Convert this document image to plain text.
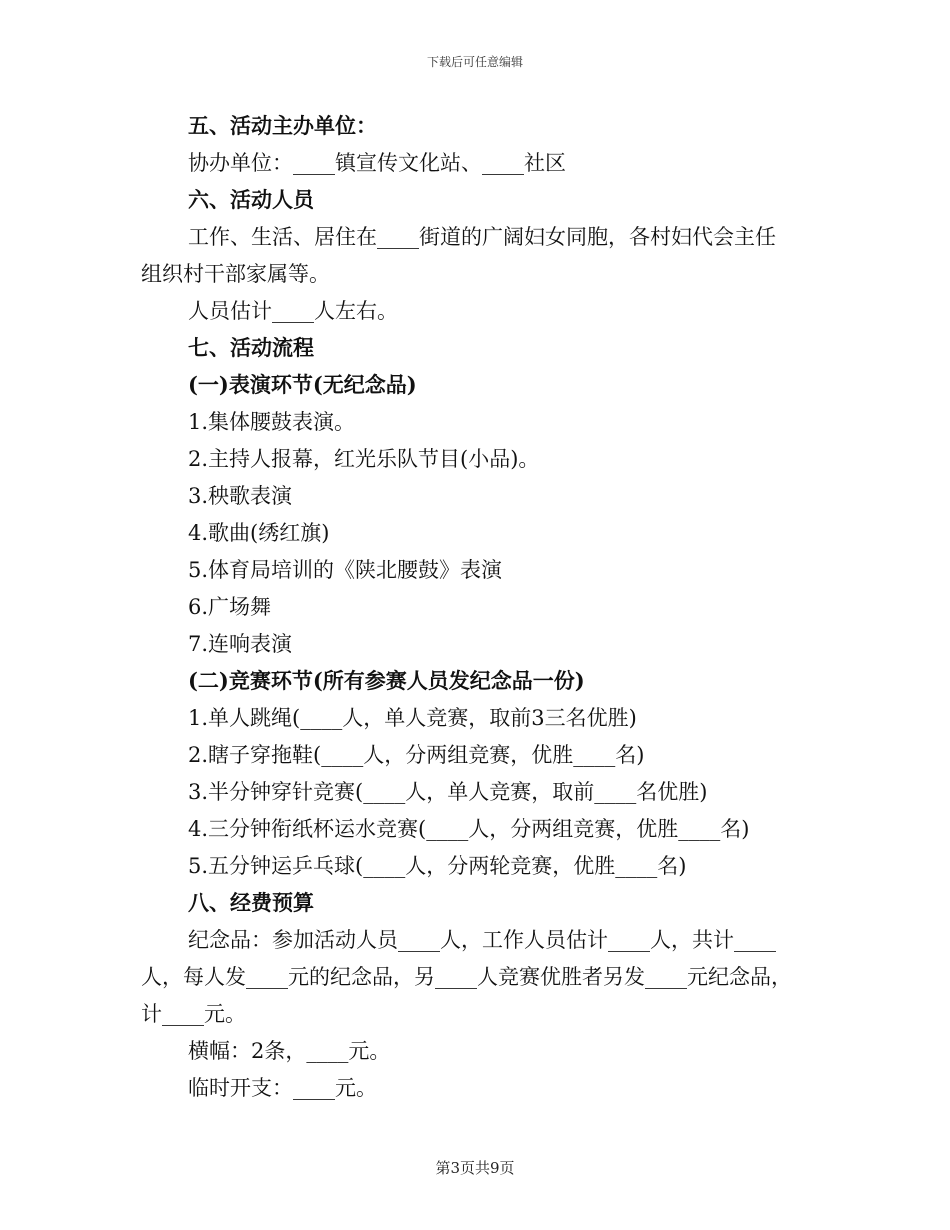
下载后可任意编辑
五、活动主办单位：
协办单位：____镇宣传文化站、____社区
六、活动人员
工作、生活、居住在____街道的广阔妇女同胞，各村妇代会主任
组织村干部家属等。
人员估计____人左右。
七、活动流程
(一)表演环节(无纪念品)
1.集体腰鼓表演。
2.主持人报幕，红光乐队节目(小品)。
3.秧歌表演
4.歌曲(绣红旗)
5.体育局培训的《陕北腰鼓》表演
6.广场舞
7.连响表演
(二)竞赛环节(所有参赛人员发纪念品一份)
1.单人跳绳(____人，单人竞赛，取前3三名优胜)
2.瞎子穿拖鞋(____人，分两组竞赛，优胜____名)
3.半分钟穿针竞赛(____人，单人竞赛，取前____名优胜)
4.三分钟衔纸杯运水竞赛(____人，分两组竞赛，优胜____名)
5.五分钟运乒乓球(____人，分两轮竞赛，优胜____名)
八、经费预算
纪念品：参加活动人员____人，工作人员估计____人，共计____
人，每人发____元的纪念品，另____人竞赛优胜者另发____元纪念品，
计____元。
横幅：2条，____元。
临时开支：____元。
第3页共9页
